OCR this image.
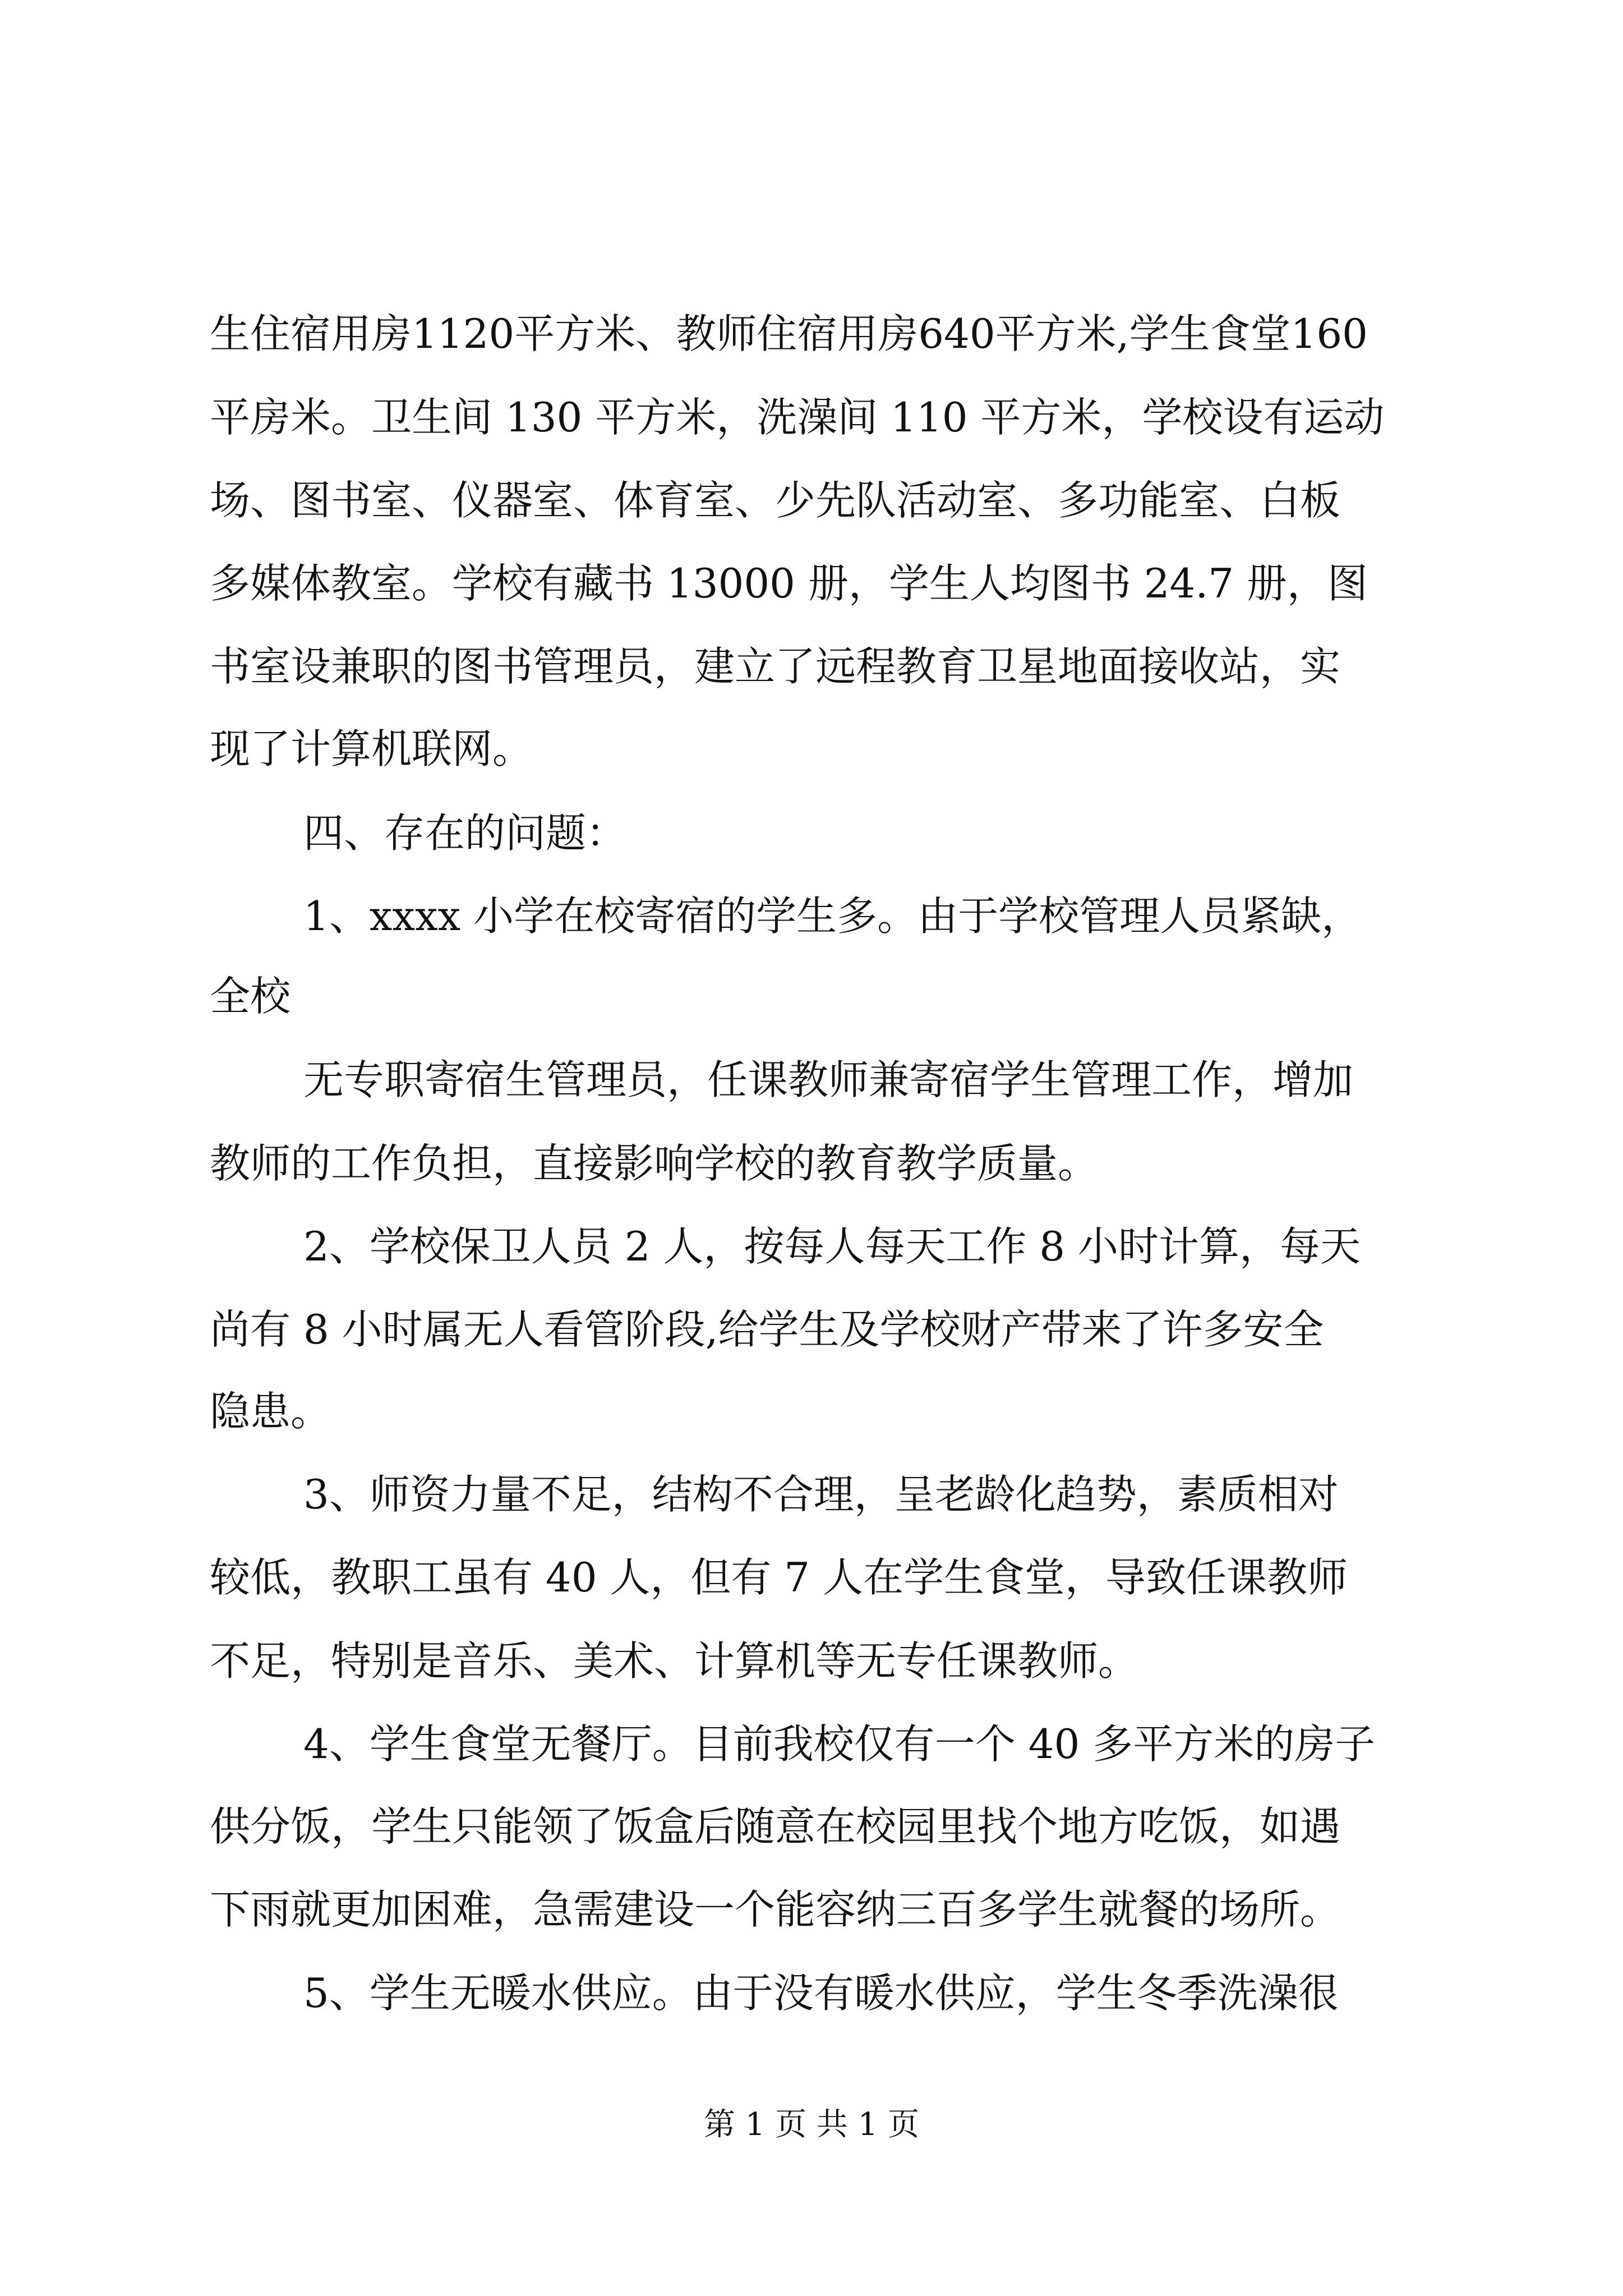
生住宿用房1120平方米、教师住宿用房640平方米,学生食堂160
平房米。卫生间 130 平方米，洗澡间 110 平方米，学校设有运动
场、图书室、仪器室、体育室、少先队活动室、多功能室、白板
多媒体教室。学校有藏书 13000 册，学生人均图书 24.7 册，图
书室设兼职的图书管理员，建立了远程教育卫星地面接收站，实
现了计算机联网。
四、存在的问题：
1、xxxx 小学在校寄宿的学生多。由于学校管理人员紧缺，
全校
无专职寄宿生管理员，任课教师兼寄宿学生管理工作，增加
教师的工作负担，直接影响学校的教育教学质量。
2、学校保卫人员 2 人，按每人每天工作 8 小时计算，每天
尚有 8 小时属无人看管阶段,给学生及学校财产带来了许多安全
隐患。
3、师资力量不足，结构不合理，呈老龄化趋势，素质相对
较低，教职工虽有 40 人，但有 7 人在学生食堂，导致任课教师
不足，特别是音乐、美术、计算机等无专任课教师。
4、学生食堂无餐厅。目前我校仅有一个 40 多平方米的房子
供分饭，学生只能领了饭盒后随意在校园里找个地方吃饭，如遇
下雨就更加困难，急需建设一个能容纳三百多学生就餐的场所。
5、学生无暖水供应。由于没有暖水供应，学生冬季洗澡很
第 1 页 共 1 页
